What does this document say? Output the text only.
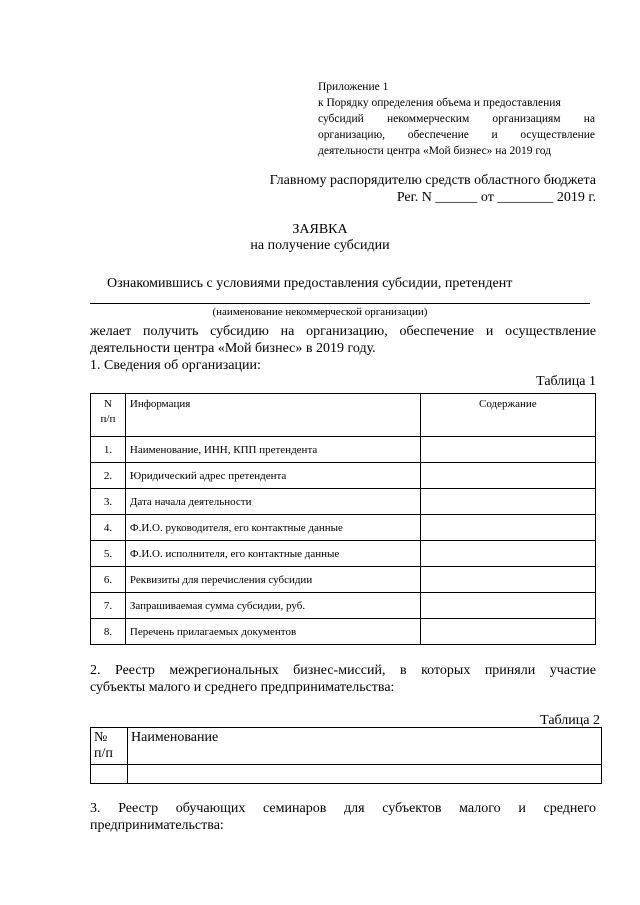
Приложение 1
к Порядку определения объема и предоставления
субсидий некоммерческим организациям на
организацию, обеспечение и осуществление
деятельности центра «Мой бизнес» на 2019 год
Главному распорядителю средств областного бюджета
Рег. N ______ от ________ 2019 г.
ЗАЯВКА
на получение субсидии
Ознакомившись с условиями предоставления субсидии, претендент
(наименование некоммерческой организации)
желает получить субсидию на организацию, обеспечение и осуществление
деятельности центра «Мой бизнес» в 2019 году.
1. Сведения об организации:
Таблица 1
N
п/п	Информация	Содержание
1.	Наименование, ИНН, КПП претендента	
2.	Юридический адрес претендента	
3.	Дата начала деятельности	
4.	Ф.И.О. руководителя, его контактные данные	
5.	Ф.И.О. исполнителя, его контактные данные	
6.	Реквизиты для перечисления субсидии	
7.	Запрашиваемая сумма субсидии, руб.	
8.	Перечень прилагаемых документов	
2. Реестр межрегиональных бизнес-миссий, в которых приняли участие
субъекты малого и среднего предпринимательства:
Таблица 2
№
п/п	Наименование

3. Реестр обучающих семинаров для субъектов малого и среднего
предпринимательства:
